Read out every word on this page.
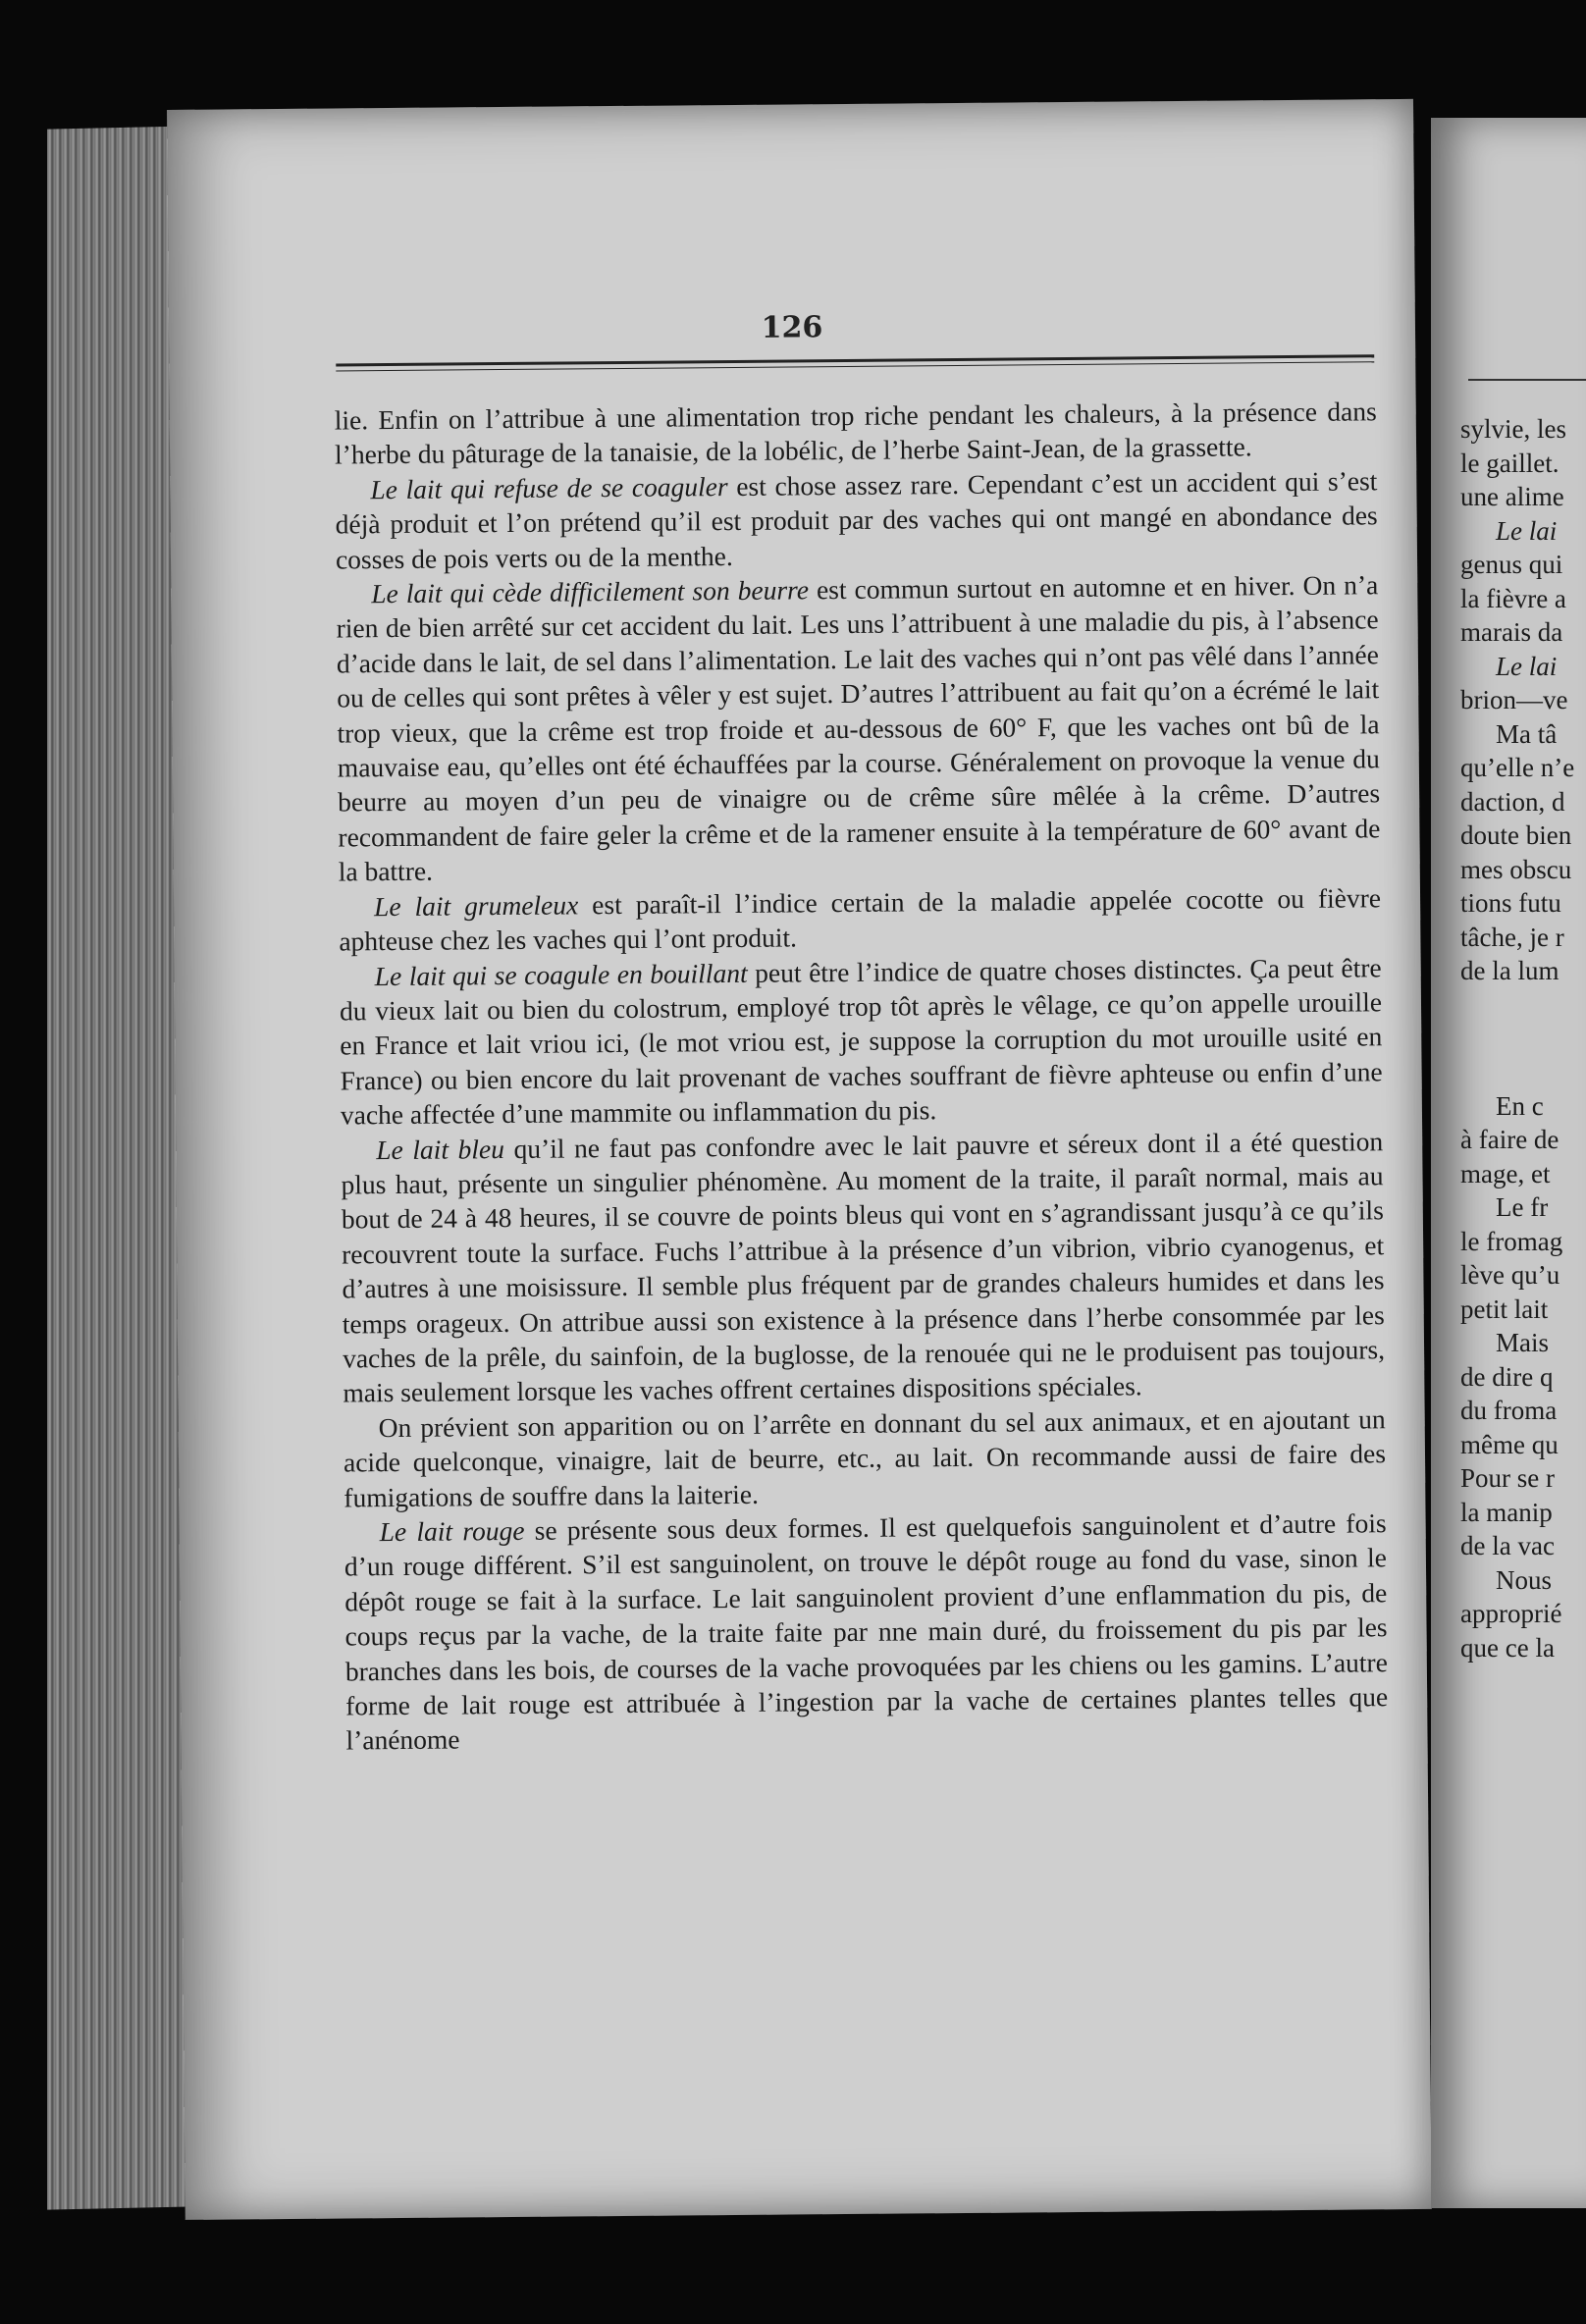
126

lie. Enfin on l’attribue à une alimentation trop riche pendant les chaleurs, à la présence dans l’herbe du pâturage de la tanaisie, de la lobélic, de l’herbe Saint-Jean, de la grassette.

Le lait qui refuse de se coaguler est chose assez rare. Cependant c’est un accident qui s’est déjà produit et l’on prétend qu’il est produit par des vaches qui ont mangé en abondance des cosses de pois verts ou de la menthe.

Le lait qui cède difficilement son beurre est commun surtout en automne et en hiver. On n’a rien de bien arrêté sur cet accident du lait. Les uns l’attribuent à une maladie du pis, à l’absence d’acide dans le lait, de sel dans l’alimentation. Le lait des vaches qui n’ont pas vêlé dans l’année ou de celles qui sont prêtes à vêler y est sujet. D’autres l’attribuent au fait qu’on a écrémé le lait trop vieux, que la crême est trop froide et au-dessous de 60° F, que les vaches ont bû de la mauvaise eau, qu’elles ont été échauffées par la course. Généralement on provoque la venue du beurre au moyen d’un peu de vinaigre ou de crême sûre mêlée à la crême. D’autres recommandent de faire geler la crême et de la ramener ensuite à la température de 60° avant de la battre.

Le lait grumeleux est paraît-il l’indice certain de la maladie appelée cocotte ou fièvre aphteuse chez les vaches qui l’ont produit.

Le lait qui se coagule en bouillant peut être l’indice de quatre choses distinctes. Ça peut être du vieux lait ou bien du colostrum, employé trop tôt après le vêlage, ce qu’on appelle urouille en France et lait vriou ici, (le mot vriou est, je suppose la corruption du mot urouille usité en France) ou bien encore du lait provenant de vaches souffrant de fièvre aphteuse ou enfin d’une vache affectée d’une mammite ou inflammation du pis.

Le lait bleu qu’il ne faut pas confondre avec le lait pauvre et séreux dont il a été question plus haut, présente un singulier phénomène. Au moment de la traite, il paraît normal, mais au bout de 24 à 48 heures, il se couvre de points bleus qui vont en s’agrandissant jusqu’à ce qu’ils recouvrent toute la surface. Fuchs l’attribue à la présence d’un vibrion, vibrio cyanogenus, et d’autres à une moisissure. Il semble plus fréquent par de grandes chaleurs humides et dans les temps orageux. On attribue aussi son existence à la présence dans l’herbe consommée par les vaches de la prêle, du sainfoin, de la buglosse, de la renouée qui ne le produisent pas toujours, mais seulement lorsque les vaches offrent certaines dispositions spéciales.

On prévient son apparition ou on l’arrête en donnant du sel aux animaux, et en ajoutant un acide quelconque, vinaigre, lait de beurre, etc., au lait. On recommande aussi de faire des fumigations de souffre dans la laiterie.

Le lait rouge se présente sous deux formes. Il est quelquefois sanguinolent et d’autre fois d’un rouge différent. S’il est sanguinolent, on trouve le dépôt rouge au fond du vase, sinon le dépôt rouge se fait à la surface. Le lait sanguinolent provient d’une enflammation du pis, de coups reçus par la vache, de la traite faite par nne main duré, du froissement du pis par les branches dans les bois, de courses de la vache provoquées par les chiens ou les gamins. L’autre forme de lait rouge est attribuée à l’ingestion par la vache de certaines plantes telles que l’anénome

sylvie, les
le gaillet.
une alime
Le lai
genus qui
la fièvre a
marais da
Le lai
brion—ve
Ma tâ
qu’elle n’e
daction, d
doute bien
mes obscu
tions futu
tâche, je r
de la lum
En c
à faire de
mage, et
Le fr
le fromag
lève qu’u
petit lait
Mais
de dire q
du froma
même qu
Pour se r
la manip
de la vac
Nous
approprié
que ce la
